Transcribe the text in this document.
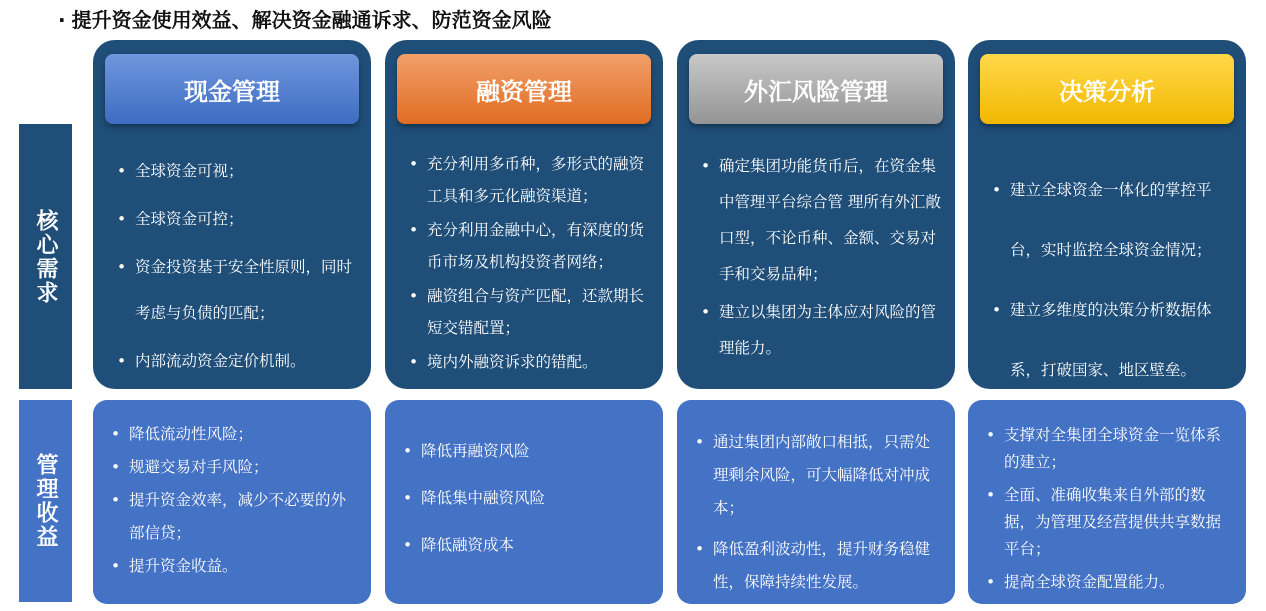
· 提升资金使用效益、解决资金融通诉求、防范资金风险
核心需求
管理收益
现金管理
• 全球资金可视；
• 全球资金可控；
• 资金投资基于安全性原则，同时考虑与负债的匹配；
• 内部流动资金定价机制。
• 降低流动性风险；
• 规避交易对手风险；
• 提升资金效率，减少不必要的外部信贷；
• 提升资金收益。
融资管理
• 充分利用多币种，多形式的融资工具和多元化融资渠道；
• 充分利用金融中心，有深度的货币市场及机构投资者网络；
• 融资组合与资产匹配，还款期长短交错配置；
• 境内外融资诉求的错配。
• 降低再融资风险
• 降低集中融资风险
• 降低融资成本
外汇风险管理
• 确定集团功能货币后，在资金集中管理平台综合管 理所有外汇敞口型，不论币种、金额、交易对手和交易品种；
• 建立以集团为主体应对风险的管理能力。
• 通过集团内部敞口相抵，只需处理剩余风险，可大幅降低对冲成本；
• 降低盈利波动性，提升财务稳健性，保障持续性发展。
决策分析
• 建立全球资金一体化的掌控平台，实时监控全球资金情况；
• 建立多维度的决策分析数据体系，打破国家、地区壁垒。
• 支撑对全集团全球资金一览体系的建立；
• 全面、准确收集来自外部的数据，为管理及经营提供共享数据平台；
• 提高全球资金配置能力。
